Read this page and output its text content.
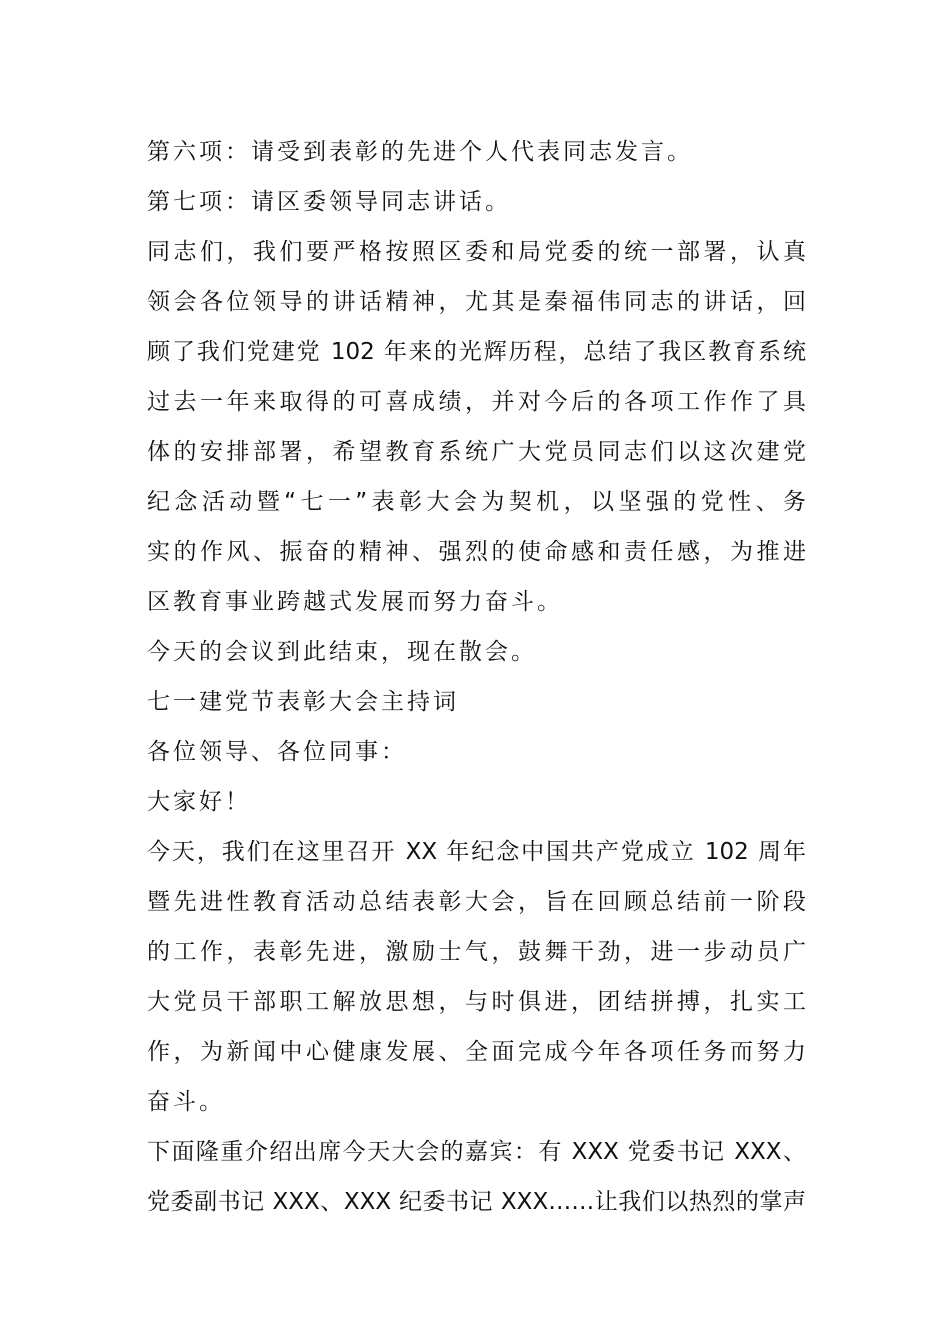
第六项：请受到表彰的先进个人代表同志发言。
第七项：请区委领导同志讲话。
同志们，我们要严格按照区委和局党委的统一部署，认真
领会各位领导的讲话精神，尤其是秦福伟同志的讲话，回
顾了我们党建党 102 年来的光辉历程，总结了我区教育系统
过去一年来取得的可喜成绩，并对今后的各项工作作了具
体的安排部署，希望教育系统广大党员同志们以这次建党
纪念活动暨“七一”表彰大会为契机，以坚强的党性、务
实的作风、振奋的精神、强烈的使命感和责任感，为推进
区教育事业跨越式发展而努力奋斗。
今天的会议到此结束，现在散会。
七一建党节表彰大会主持词
各位领导、各位同事：
大家好！
今天，我们在这里召开 XX 年纪念中国共产党成立 102 周年
暨先进性教育活动总结表彰大会，旨在回顾总结前一阶段
的工作，表彰先进，激励士气，鼓舞干劲，进一步动员广
大党员干部职工解放思想，与时俱进，团结拼搏，扎实工
作，为新闻中心健康发展、全面完成今年各项任务而努力
奋斗。
下面隆重介绍出席今天大会的嘉宾：有 XXX 党委书记 XXX、
党委副书记 XXX、XXX 纪委书记 XXX……让我们以热烈的掌声
